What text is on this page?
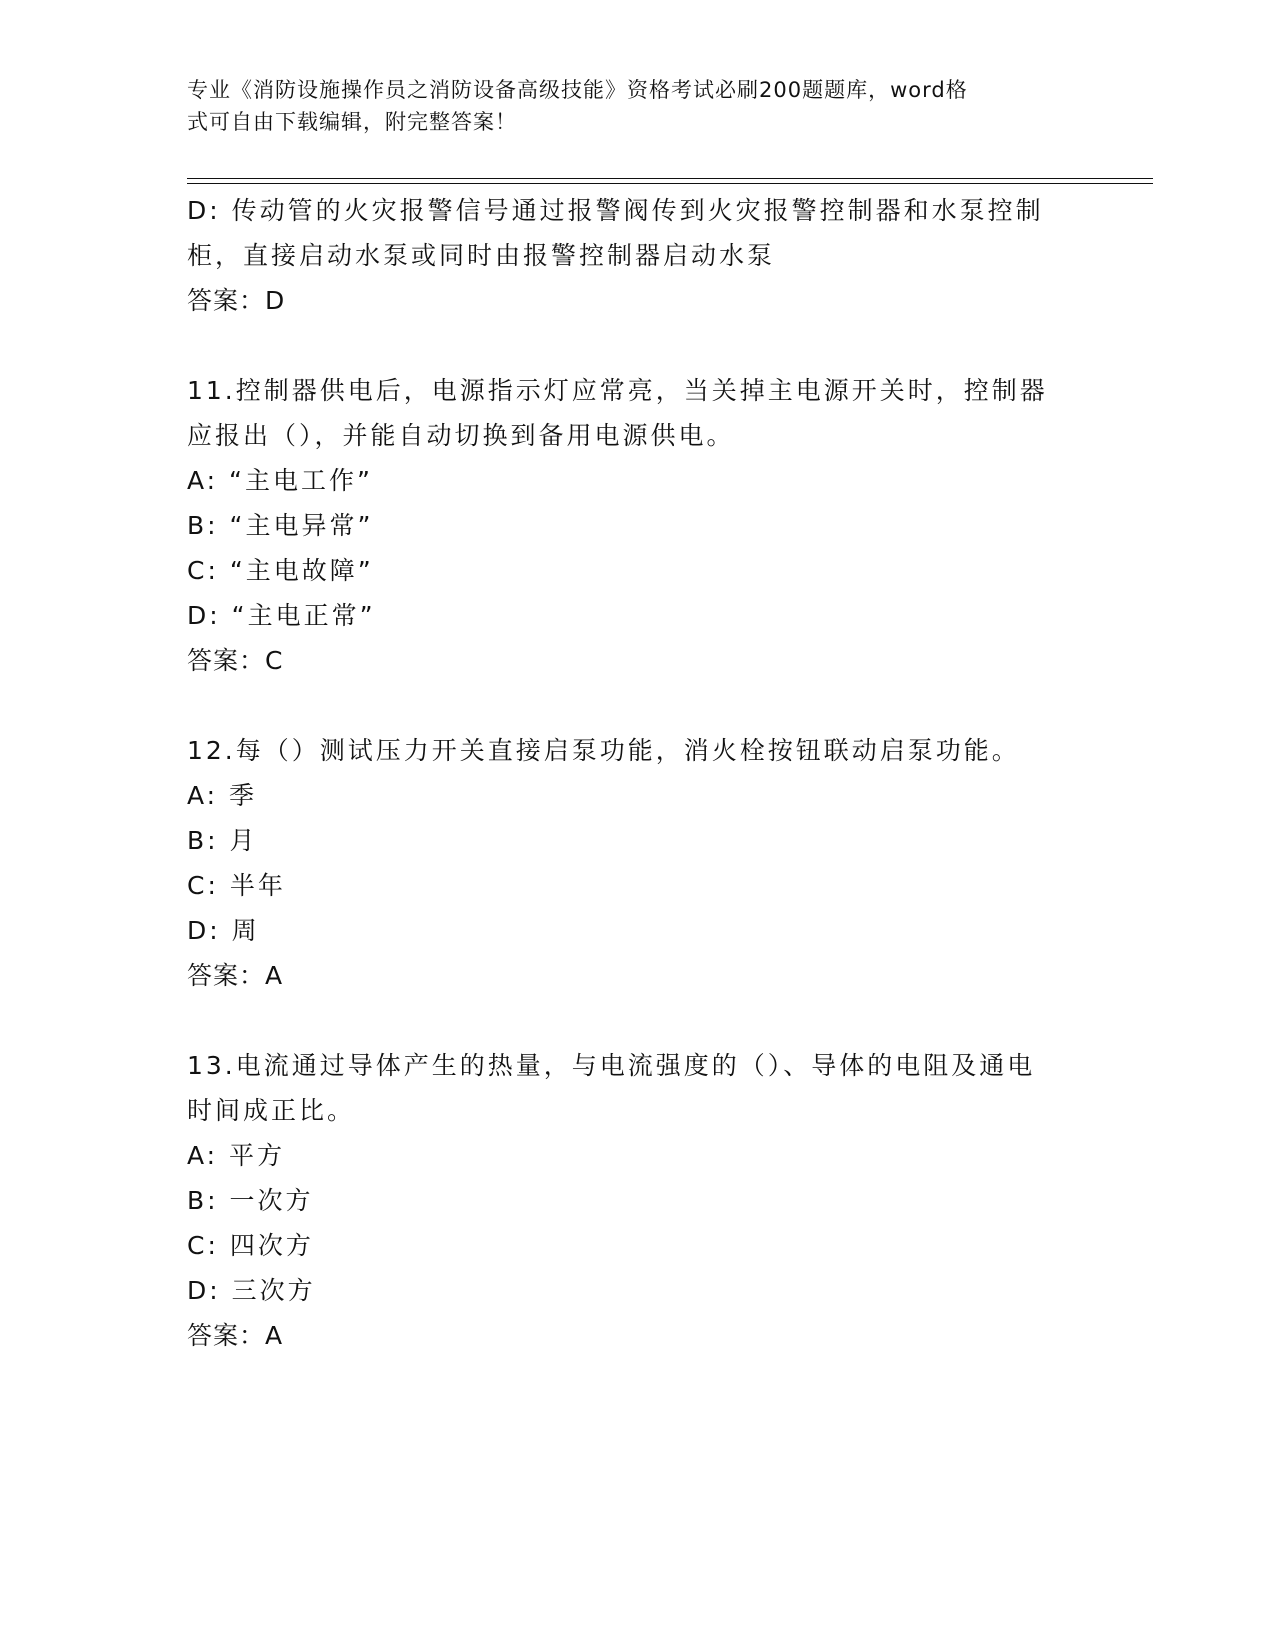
专业《消防设施操作员之消防设备高级技能》资格考试必刷200题题库，word格
式可自由下载编辑，附完整答案！
D: 传动管的火灾报警信号通过报警阀传到火灾报警控制器和水泵控制
柜，直接启动水泵或同时由报警控制器启动水泵
答案：D
11.控制器供电后，电源指示灯应常亮，当关掉主电源开关时，控制器
应报出（），并能自动切换到备用电源供电。
A: “主电工作”
B: “主电异常”
C: “主电故障”
D: “主电正常”
答案：C
12.每（）测试压力开关直接启泵功能，消火栓按钮联动启泵功能。
A: 季
B: 月
C: 半年
D: 周
答案：A
13.电流通过导体产生的热量，与电流强度的（）、导体的电阻及通电
时间成正比。
A: 平方
B: 一次方
C: 四次方
D: 三次方
答案：A
